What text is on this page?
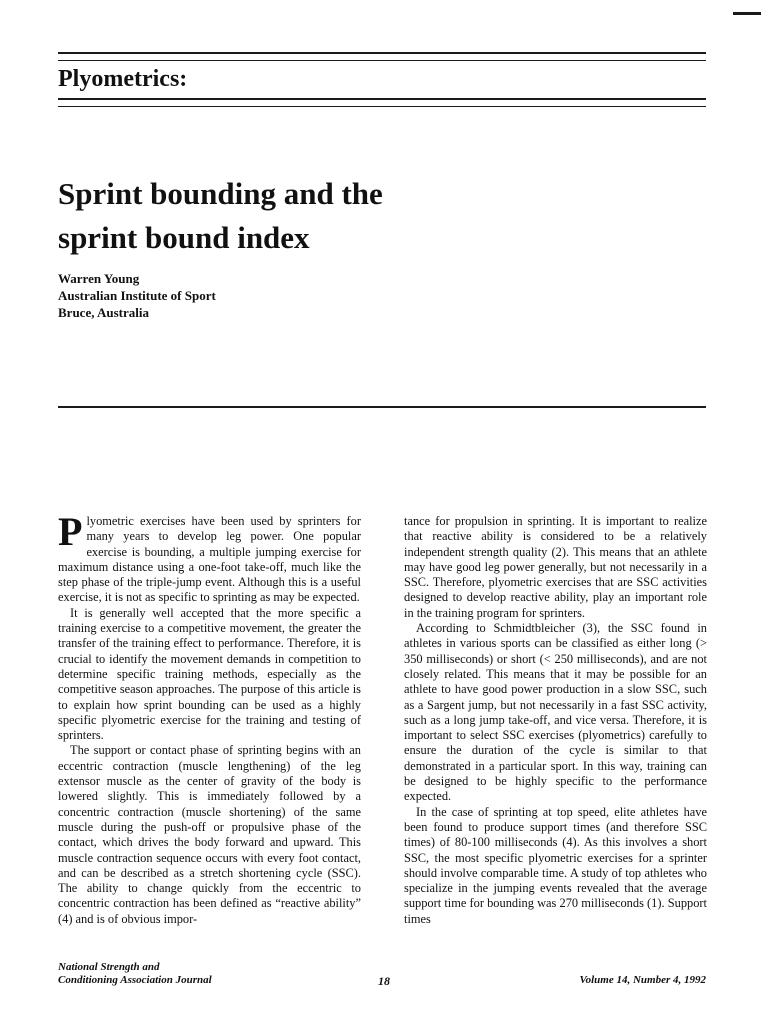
Plyometrics:
Sprint bounding and the
sprint bound index
Warren Young
Australian Institute of Sport
Bruce, Australia

Plyometric exercises have been used by sprinters for many years to develop leg power. One popular exercise is bounding, a multiple jumping exercise for maximum distance using a one-foot take-off, much like the step phase of the triple-jump event. Although this is a useful exercise, it is not as specific to sprinting as may be expected.

It is generally well accepted that the more specific a training exercise to a competitive movement, the greater the transfer of the training effect to performance. Therefore, it is crucial to identify the movement demands in competition to determine specific training methods, especially as the competitive season approaches. The purpose of this article is to explain how sprint bounding can be used as a highly specific plyometric exercise for the training and testing of sprinters.

The support or contact phase of sprinting begins with an eccentric contraction (muscle lengthening) of the leg extensor muscle as the center of gravity of the body is lowered slightly. This is immediately followed by a concentric contraction (muscle shortening) of the same muscle during the push-off or propulsive phase of the contact, which drives the body forward and upward. This muscle contraction sequence occurs with every foot contact, and can be described as a stretch shortening cycle (SSC). The ability to change quickly from the eccentric to concentric contraction has been defined as “reactive ability” (4) and is of obvious impor-

tance for propulsion in sprinting. It is important to realize that reactive ability is considered to be a relatively independent strength quality (2). This means that an athlete may have good leg power generally, but not necessarily in a SSC. Therefore, plyometric exercises that are SSC activities designed to develop reactive ability, play an important role in the training program for sprinters.

According to Schmidtbleicher (3), the SSC found in athletes in various sports can be classified as either long (> 350 milliseconds) or short (< 250 milliseconds), and are not closely related. This means that it may be possible for an athlete to have good power production in a slow SSC, such as a Sargent jump, but not necessarily in a fast SSC activity, such as a long jump take-off, and vice versa. Therefore, it is important to select SSC exercises (plyometrics) carefully to ensure the duration of the cycle is similar to that demonstrated in a particular sport. In this way, training can be designed to be highly specific to the performance expected.

In the case of sprinting at top speed, elite athletes have been found to produce support times (and therefore SSC times) of 80-100 milliseconds (4). As this involves a short SSC, the most specific plyometric exercises for a sprinter should involve comparable time. A study of top athletes who specialize in the jumping events revealed that the average support time for bounding was 270 milliseconds (1). Support times

National Strength and
Conditioning Association Journal	18	Volume 14, Number 4, 1992
